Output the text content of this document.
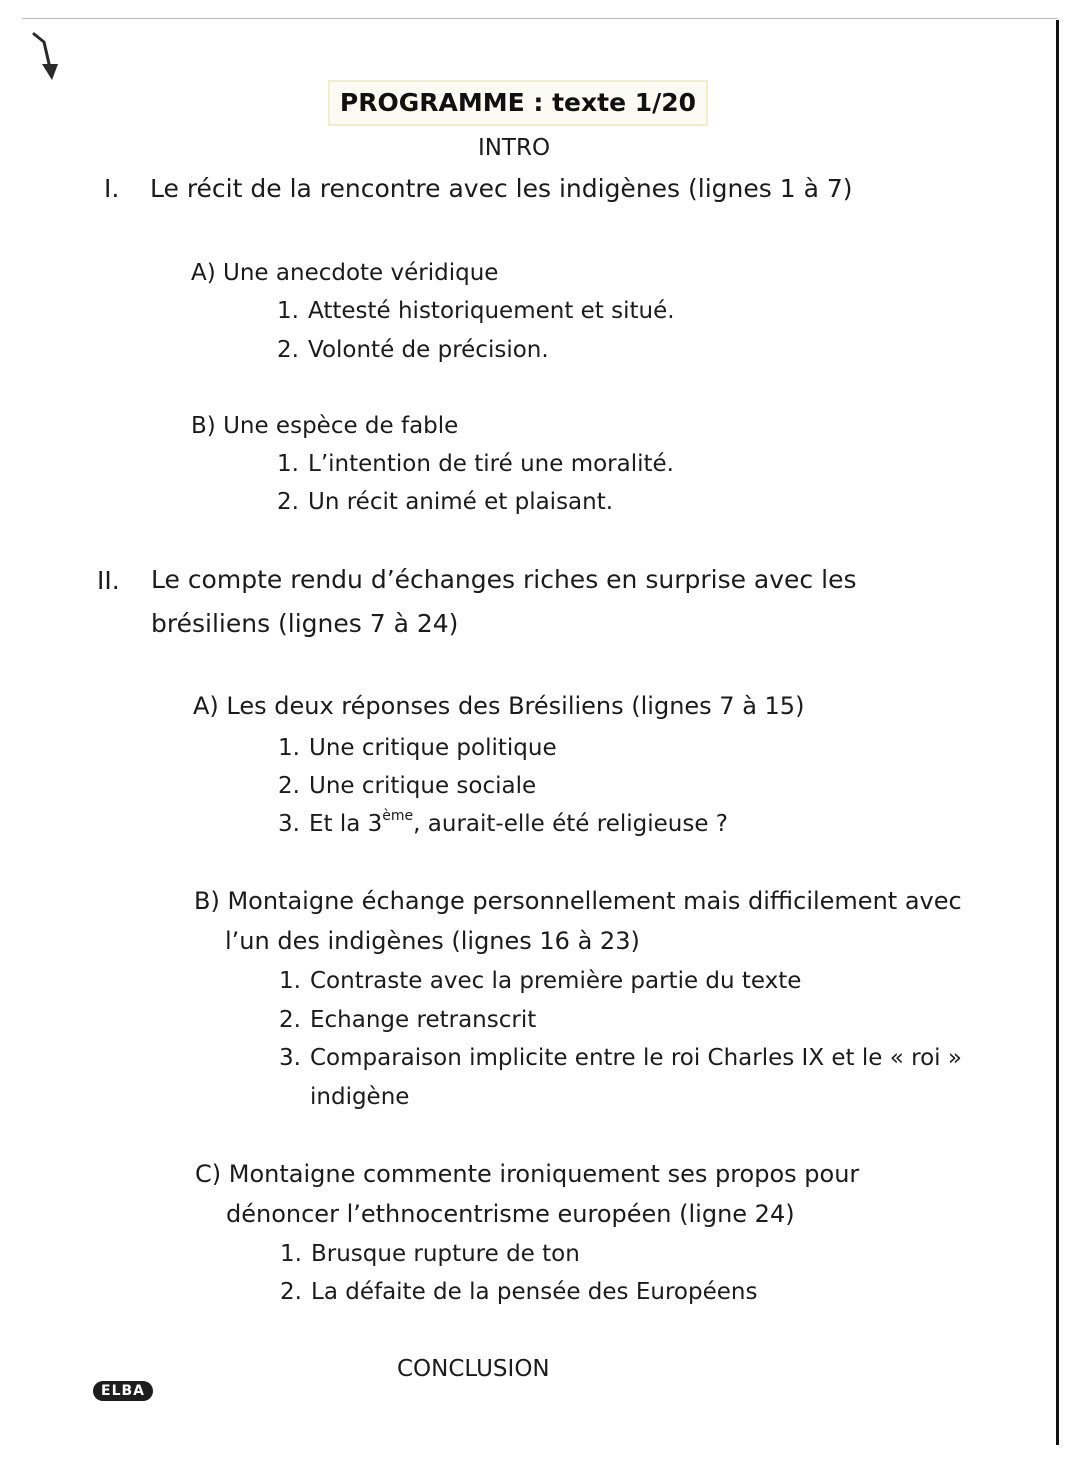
PROGRAMME : texte 1/20
INTRO
I. Le récit de la rencontre avec les indigènes (lignes 1 à 7)
A) Une anecdote véridique
1. Attesté historiquement et situé.
2. Volonté de précision.
B) Une espèce de fable
1. L’intention de tiré une moralité.
2. Un récit animé et plaisant.
II. Le compte rendu d’échanges riches en surprise avec les
brésiliens (lignes 7 à 24)
A) Les deux réponses des Brésiliens (lignes 7 à 15)
1. Une critique politique
2. Une critique sociale
3. Et la 3ème, aurait-elle été religieuse ?
B) Montaigne échange personnellement mais difficilement avec
l’un des indigènes (lignes 16 à 23)
1. Contraste avec la première partie du texte
2. Echange retranscrit
3. Comparaison implicite entre le roi Charles IX et le « roi »
indigène
C) Montaigne commente ironiquement ses propos pour
dénoncer l’ethnocentrisme européen (ligne 24)
1. Brusque rupture de ton
2. La défaite de la pensée des Européens
CONCLUSION
ELBA
